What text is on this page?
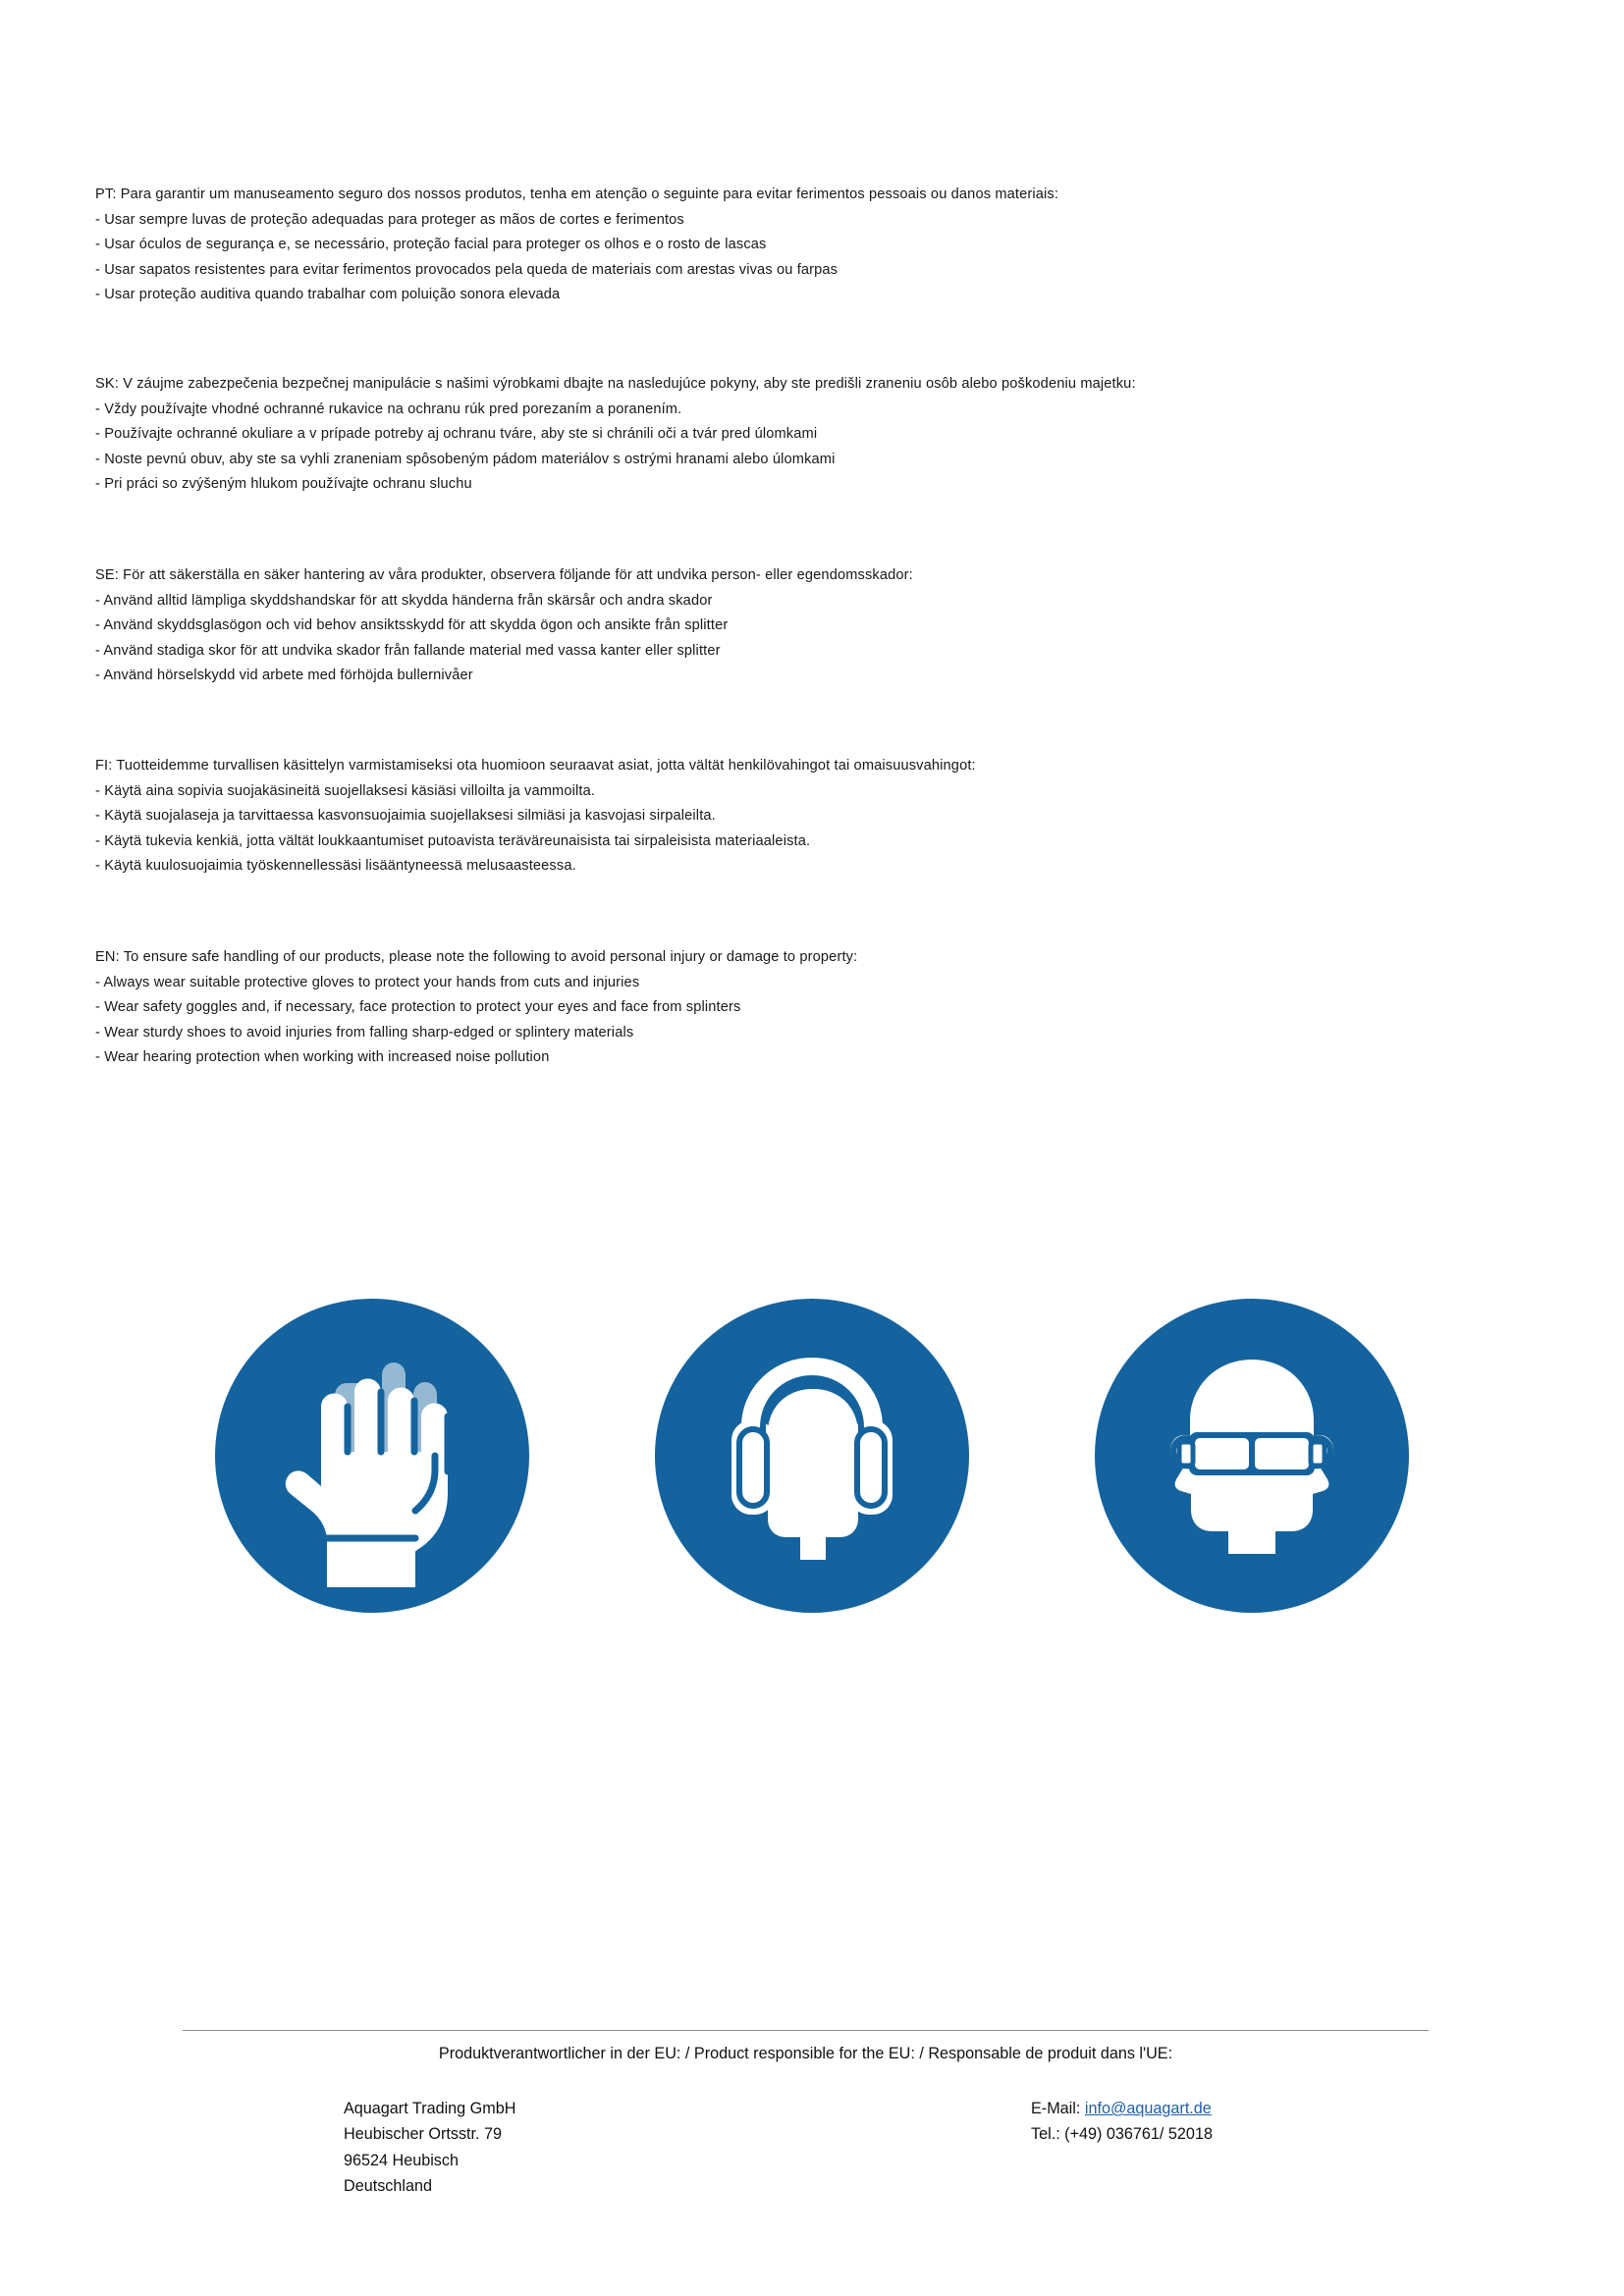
PT: Para garantir um manuseamento seguro dos nossos produtos, tenha em atenção o seguinte para evitar ferimentos pessoais ou danos materiais:
- Usar sempre luvas de proteção adequadas para proteger as mãos de cortes e ferimentos
- Usar óculos de segurança e, se necessário, proteção facial para proteger os olhos e o rosto de lascas
- Usar sapatos resistentes para evitar ferimentos provocados pela queda de materiais com arestas vivas ou farpas
- Usar proteção auditiva quando trabalhar com poluição sonora elevada
SK: V záujme zabezpečenia bezpečnej manipulácie s našimi výrobkami dbajte na nasledujúce pokyny, aby ste predišli zraneniu osôb alebo poškodeniu majetku:
- Vždy používajte vhodné ochranné rukavice na ochranu rúk pred porezaním a poranením.
- Používajte ochranné okuliare a v prípade potreby aj ochranu tváre, aby ste si chránili oči a tvár pred úlomkami
- Noste pevnú obuv, aby ste sa vyhli zraneniam spôsobeným pádom materiálov s ostrými hranami alebo úlomkami
- Pri práci so zvýšeným hlukom používajte ochranu sluchu
SE: För att säkerställa en säker hantering av våra produkter, observera följande för att undvika person- eller egendomsskador:
- Använd alltid lämpliga skyddshandskar för att skydda händerna från skärsår och andra skador
- Använd skyddsglasögon och vid behov ansiktsskydd för att skydda ögon och ansikte från splitter
- Använd stadiga skor för att undvika skador från fallande material med vassa kanter eller splitter
- Använd hörselskydd vid arbete med förhöjda bullernivåer
FI: Tuotteidemme turvallisen käsittelyn varmistamiseksi ota huomioon seuraavat asiat, jotta vältät henkilövahingot tai omaisuusvahingot:
- Käytä aina sopivia suojakäsineitä suojellaksesi käsiäsi villoilta ja vammoilta.
- Käytä suojalaseja ja tarvittaessa kasvonsuojaimia suojellaksesi silmiäsi ja kasvojasi sirpaleilta.
- Käytä tukevia kenkiä, jotta vältät loukkaantumiset putoavista teräväreunaisista tai sirpaleisista materiaaleista.
- Käytä kuulosuojaimia työskennellessäsi lisääntyneessä melusaasteessa.
EN: To ensure safe handling of our products, please note the following to avoid personal injury or damage to property:
- Always wear suitable protective gloves to protect your hands from cuts and injuries
- Wear safety goggles and, if necessary, face protection to protect your eyes and face from splinters
- Wear sturdy shoes to avoid injuries from falling sharp-edged or splintery materials
- Wear hearing protection when working with increased noise pollution
Produktverantwortlicher in der EU: / Product responsible for the EU: / Responsable de produit dans l'UE:
Aquagart Trading GmbH
Heubischer Ortsstr. 79
96524 Heubisch
Deutschland
E-Mail: info@aquagart.de
Tel.: (+49) 036761/ 52018
